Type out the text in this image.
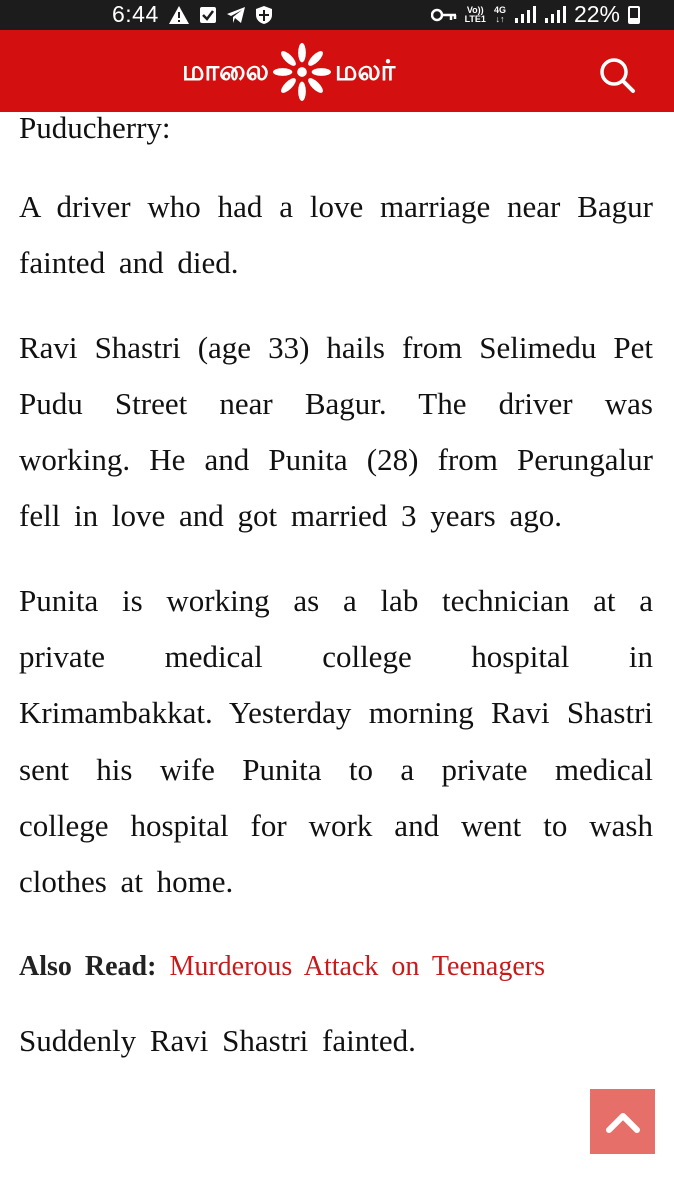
6:44	Vo))
LTE1
4G
↓↑	22%
மாலை மலர்

Puducherry:

A driver who had a love marriage near Bagur fainted and died.

Ravi Shastri (age 33) hails from Selimedu Pet Pudu Street near Bagur. The driver was working. He and Punita (28) from Perungalur fell in love and got married 3 years ago.

Punita is working as a lab technician at a private medical college hospital in Krimambakkat. Yesterday morning Ravi Shastri sent his wife Punita to a private medical college hospital for work and went to wash clothes at home.

Also Read: Murderous Attack on Teenagers

Suddenly Ravi Shastri fainted.
